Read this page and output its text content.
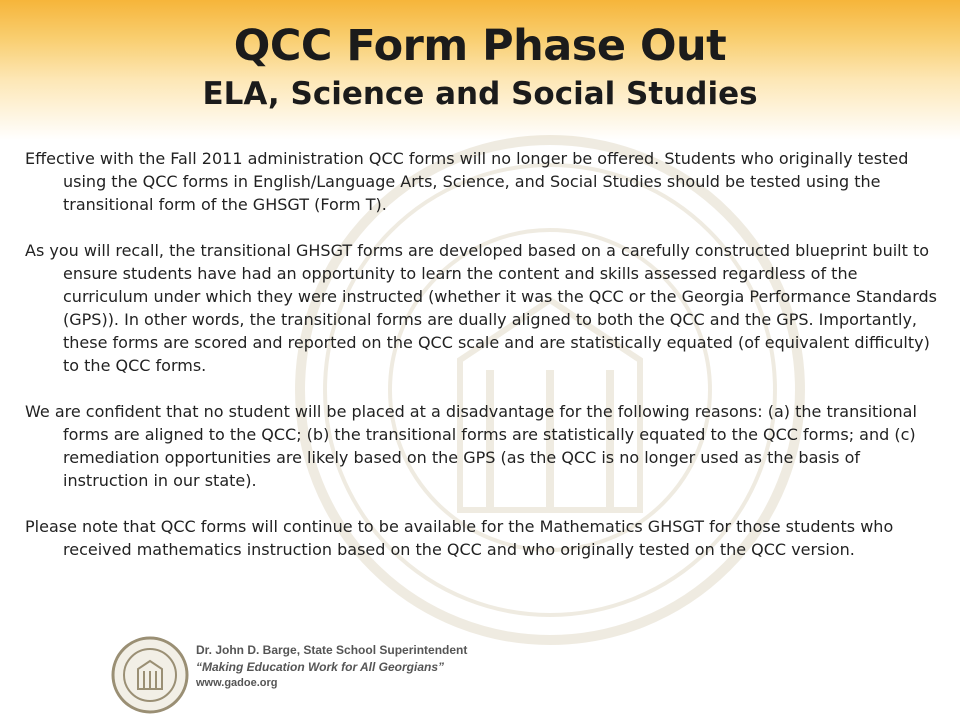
QCC Form Phase Out
ELA, Science and Social Studies

Effective with the Fall 2011 administration QCC forms will no longer be offered. Students who originally tested using the QCC forms in English/Language Arts, Science, and Social Studies should be tested using the transitional form of the GHSGT (Form T).

As you will recall, the transitional GHSGT forms are developed based on a carefully constructed blueprint built to ensure students have had an opportunity to learn the content and skills assessed regardless of the curriculum under which they were instructed (whether it was the QCC or the Georgia Performance Standards (GPS)). In other words, the transitional forms are dually aligned to both the QCC and the GPS. Importantly, these forms are scored and reported on the QCC scale and are statistically equated (of equivalent difficulty) to the QCC forms.

We are confident that no student will be placed at a disadvantage for the following reasons: (a) the transitional forms are aligned to the QCC; (b) the transitional forms are statistically equated to the QCC forms; and (c) remediation opportunities are likely based on the GPS (as the QCC is no longer used as the basis of instruction in our state).

Please note that QCC forms will continue to be available for the Mathematics GHSGT for those students who received mathematics instruction based on the QCC and who originally tested on the QCC version.

Dr. John D. Barge, State School Superintendent
“Making Education Work for All Georgians”
www.gadoe.org
